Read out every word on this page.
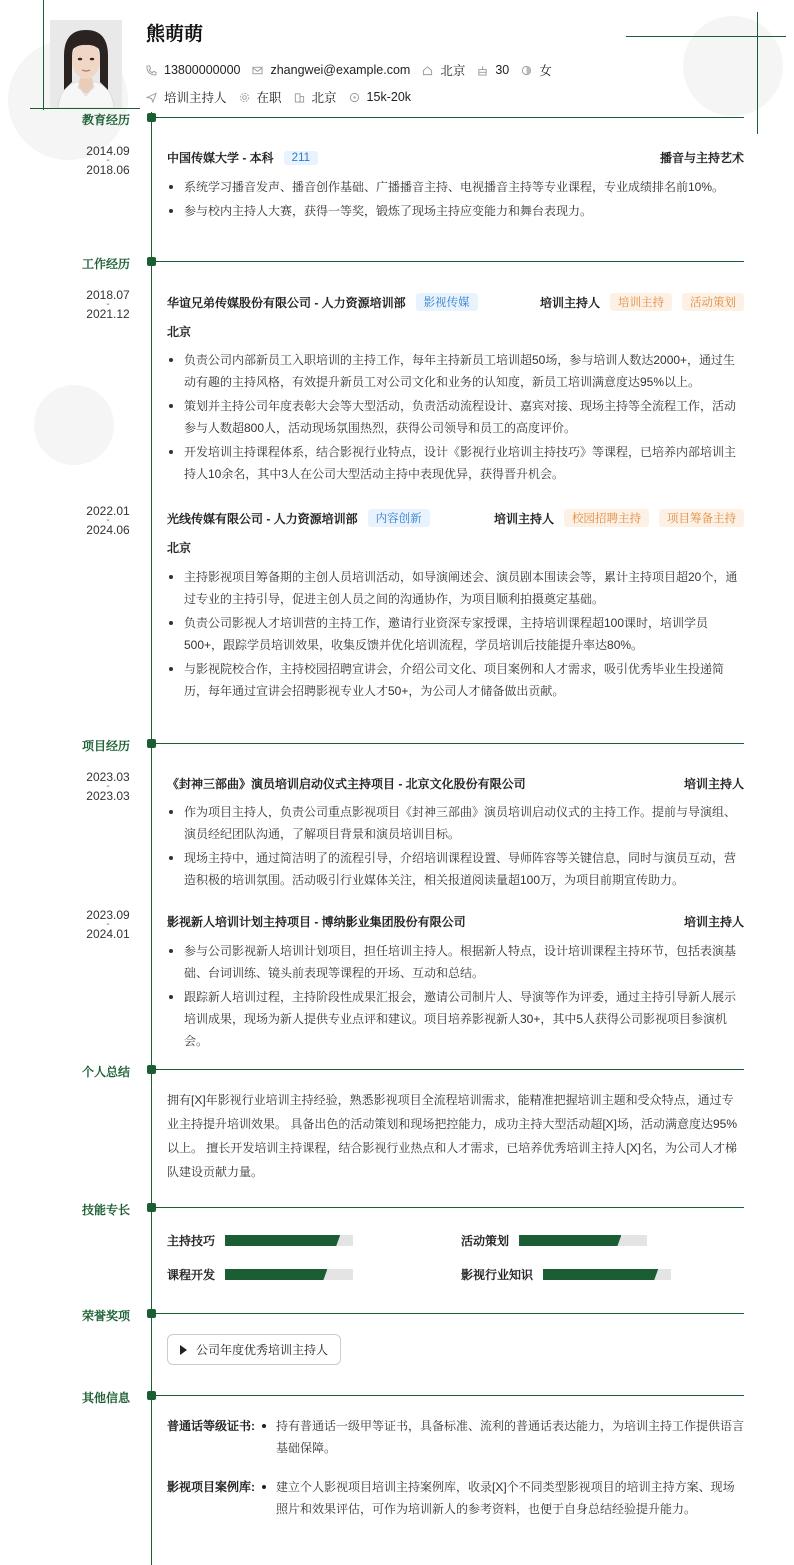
熊萌萌
13800000000 zhangwei@example.com 北京 30 女
培训主持人 在职 北京 15k-20k
教育经历
2014.09
-
2018.06
中国传媒大学 - 本科	211	播音与主持艺术
系统学习播音发声、播音创作基础、广播播音主持、电视播音主持等专业课程，专业成绩排名前10%。
参与校内主持人大赛，获得一等奖，锻炼了现场主持应变能力和舞台表现力。
工作经历
2018.07
-
2021.12
华谊兄弟传媒股份有限公司 - 人力资源培训部	影视传媒	培训主持人	培训主持	活动策划
北京
负责公司内部新员工入职培训的主持工作，每年主持新员工培训超50场，参与培训人数达2000+，通过生动有趣的主持风格，有效提升新员工对公司文化和业务的认知度，新员工培训满意度达95%以上。
策划并主持公司年度表彰大会等大型活动，负责活动流程设计、嘉宾对接、现场主持等全流程工作，活动参与人数超800人，活动现场氛围热烈，获得公司领导和员工的高度评价。
开发培训主持课程体系，结合影视行业特点，设计《影视行业培训主持技巧》等课程，已培养内部培训主持人10余名，其中3人在公司大型活动主持中表现优异，获得晋升机会。
2022.01
-
2024.06
光线传媒有限公司 - 人力资源培训部	内容创新	培训主持人	校园招聘主持	项目筹备主持
北京
主持影视项目筹备期的主创人员培训活动，如导演阐述会、演员剧本围读会等，累计主持项目超20个，通过专业的主持引导，促进主创人员之间的沟通协作，为项目顺利拍摄奠定基础。
负责公司影视人才培训营的主持工作，邀请行业资深专家授课，主持培训课程超100课时，培训学员500+，跟踪学员培训效果，收集反馈并优化培训流程，学员培训后技能提升率达80%。
与影视院校合作，主持校园招聘宣讲会，介绍公司文化、项目案例和人才需求，吸引优秀毕业生投递简历，每年通过宣讲会招聘影视专业人才50+，为公司人才储备做出贡献。
项目经历
2023.03
-
2023.03
《封神三部曲》演员培训启动仪式主持项目 - 北京文化股份有限公司	培训主持人
作为项目主持人，负责公司重点影视项目《封神三部曲》演员培训启动仪式的主持工作。提前与导演组、演员经纪团队沟通，了解项目背景和演员培训目标。
现场主持中，通过简洁明了的流程引导，介绍培训课程设置、导师阵容等关键信息，同时与演员互动，营造积极的培训氛围。活动吸引行业媒体关注，相关报道阅读量超100万，为项目前期宣传助力。
2023.09
-
2024.01
影视新人培训计划主持项目 - 博纳影业集团股份有限公司	培训主持人
参与公司影视新人培训计划项目，担任培训主持人。根据新人特点，设计培训课程主持环节，包括表演基础、台词训练、镜头前表现等课程的开场、互动和总结。
跟踪新人培训过程，主持阶段性成果汇报会，邀请公司制片人、导演等作为评委，通过主持引导新人展示培训成果，现场为新人提供专业点评和建议。项目培养影视新人30+，其中5人获得公司影视项目参演机会。
个人总结
拥有[X]年影视行业培训主持经验，熟悉影视项目全流程培训需求，能精准把握培训主题和受众特点，通过专业主持提升培训效果。 具备出色的活动策划和现场把控能力，成功主持大型活动超[X]场，活动满意度达95%以上。 擅长开发培训主持课程，结合影视行业热点和人才需求，已培养优秀培训主持人[X]名，为公司人才梯队建设贡献力量。
技能专长
主持技巧	活动策划
课程开发	影视行业知识
荣誉奖项
公司年度优秀培训主持人
其他信息
普通话等级证书:	持有普通话一级甲等证书，具备标准、流利的普通话表达能力，为培训主持工作提供语言基础保障。
影视项目案例库:	建立个人影视项目培训主持案例库，收录[X]个不同类型影视项目的培训主持方案、现场照片和效果评估，可作为培训新人的参考资料，也便于自身总结经验提升能力。
